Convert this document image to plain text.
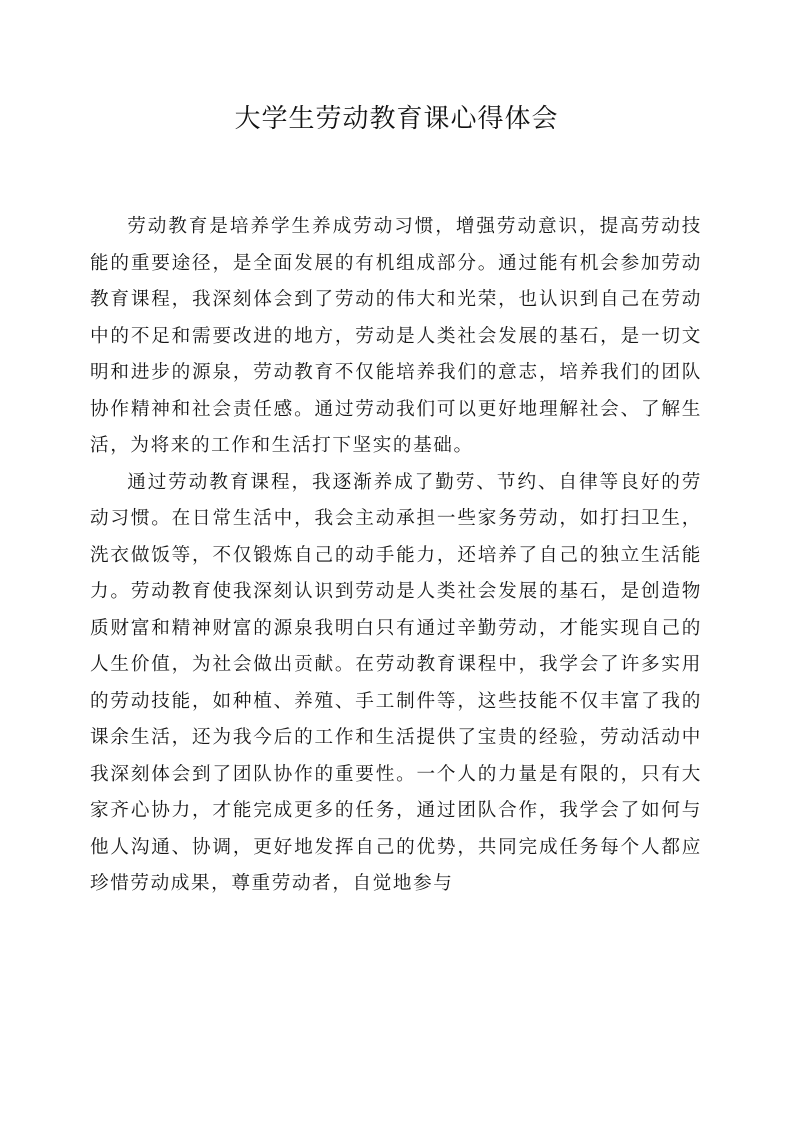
大学生劳动教育课心得体会

劳动教育是培养学生养成劳动习惯，增强劳动意识，提高劳动技能的重要途径，是全面发展的有机组成部分。通过能有机会参加劳动教育课程，我深刻体会到了劳动的伟大和光荣，也认识到自己在劳动中的不足和需要改进的地方，劳动是人类社会发展的基石，是一切文明和进步的源泉，劳动教育不仅能培养我们的意志，培养我们的团队协作精神和社会责任感。通过劳动我们可以更好地理解社会、了解生活，为将来的工作和生活打下坚实的基础。

通过劳动教育课程，我逐渐养成了勤劳、节约、自律等良好的劳动习惯。在日常生活中，我会主动承担一些家务劳动，如打扫卫生，洗衣做饭等，不仅锻炼自己的动手能力，还培养了自己的独立生活能力。劳动教育使我深刻认识到劳动是人类社会发展的基石，是创造物质财富和精神财富的源泉我明白只有通过辛勤劳动，才能实现自己的人生价值，为社会做出贡献。在劳动教育课程中，我学会了许多实用的劳动技能，如种植、养殖、手工制件等，这些技能不仅丰富了我的课余生活，还为我今后的工作和生活提供了宝贵的经验，劳动活动中我深刻体会到了团队协作的重要性。一个人的力量是有限的，只有大家齐心协力，才能完成更多的任务，通过团队合作，我学会了如何与他人沟通、协调，更好地发挥自己的优势，共同完成任务每个人都应珍惜劳动成果，尊重劳动者，自觉地参与
